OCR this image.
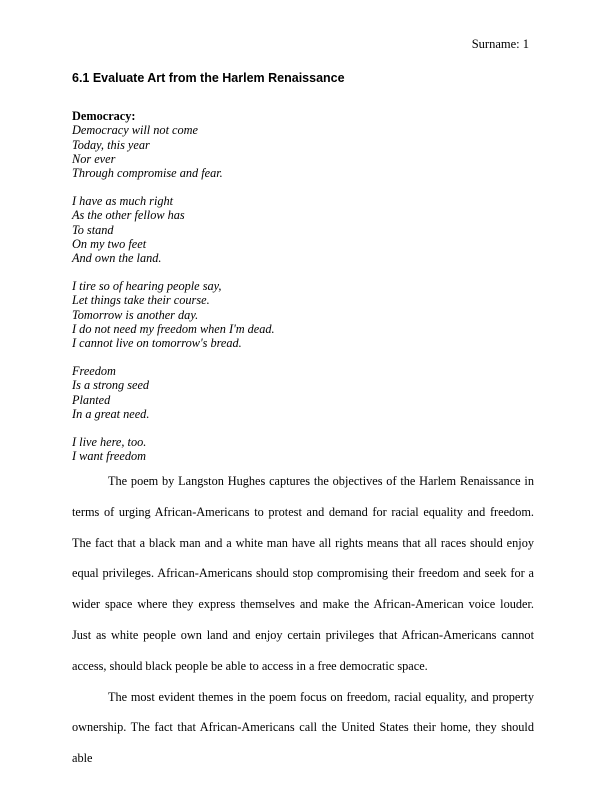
Surname: 1
6.1 Evaluate Art from the Harlem Renaissance
Democracy:
Democracy will not come
Today, this year
Nor ever
Through compromise and fear.
I have as much right
As the other fellow has
To stand
On my two feet
And own the land.
I tire so of hearing people say,
Let things take their course.
Tomorrow is another day.
I do not need my freedom when I'm dead.
I cannot live on tomorrow's bread.
Freedom
Is a strong seed
Planted
In a great need.
I live here, too.
I want freedom

The poem by Langston Hughes captures the objectives of the Harlem Renaissance in terms of urging African-Americans to protest and demand for racial equality and freedom. The fact that a black man and a white man have all rights means that all races should enjoy equal privileges. African-Americans should stop compromising their freedom and seek for a wider space where they express themselves and make the African-American voice louder. Just as white people own land and enjoy certain privileges that African-Americans cannot access, should black people be able to access in a free democratic space.

The most evident themes in the poem focus on freedom, racial equality, and property ownership. The fact that African-Americans call the United States their home, they should able
